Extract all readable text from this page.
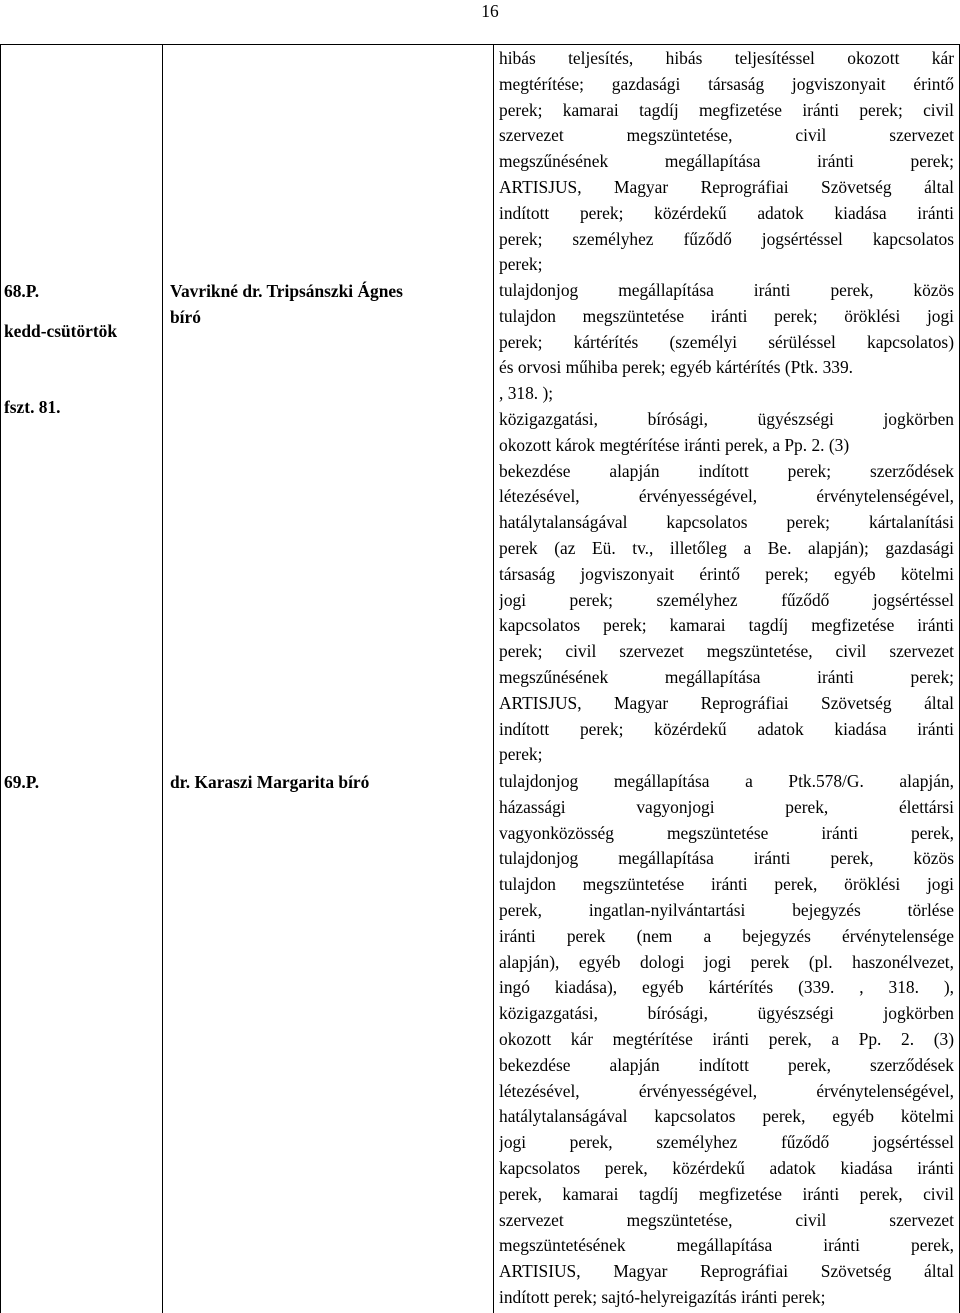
16
hibás teljesítés, hibás teljesítéssel okozott kár
megtérítése; gazdasági társaság jogviszonyait érintő
perek; kamarai tagdíj megfizetése iránti perek; civil
szervezet megszüntetése, civil szervezet
megszűnésének megállapítása iránti perek;
ARTISJUS, Magyar Reprográfiai Szövetség által
indított perek; közérdekű adatok kiadása iránti
perek; személyhez fűződő jogsértéssel kapcsolatos
perek;
68.P.
kedd-csütörtök
fszt. 81.
Vavrikné dr. Tripsánszki Ágnes
bíró
tulajdonjog megállapítása iránti perek, közös
tulajdon megszüntetése iránti perek; öröklési jogi
perek; kártérítés (személyi sérüléssel kapcsolatos)
és orvosi műhiba perek; egyéb kártérítés (Ptk. 339.
, 318. );
közigazgatási, bírósági, ügyészségi jogkörben
okozott károk megtérítése iránti perek, a Pp. 2. (3)
bekezdése alapján indított perek; szerződések
létezésével, érvényességével, érvénytelenségével,
hatálytalanságával kapcsolatos perek; kártalanítási
perek (az Eü. tv., illetőleg a Be. alapján); gazdasági
társaság jogviszonyait érintő perek; egyéb kötelmi
jogi perek; személyhez fűződő jogsértéssel
kapcsolatos perek; kamarai tagdíj megfizetése iránti
perek; civil szervezet megszüntetése, civil szervezet
megszűnésének megállapítása iránti perek;
ARTISJUS, Magyar Reprográfiai Szövetség által
indított perek; közérdekű adatok kiadása iránti
perek;
69.P.	dr. Karaszi Margarita bíró	tulajdonjog megállapítása a Ptk.578/G. alapján,
házassági vagyonjogi perek, élettársi
vagyonközösség megszüntetése iránti perek,
tulajdonjog megállapítása iránti perek, közös
tulajdon megszüntetése iránti perek, öröklési jogi
perek, ingatlan-nyilvántartási bejegyzés törlése
iránti perek (nem a bejegyzés érvénytelensége
alapján), egyéb dologi jogi perek (pl. haszonélvezet,
ingó kiadása), egyéb kártérítés (339. , 318. ),
közigazgatási, bírósági, ügyészségi jogkörben
okozott kár megtérítése iránti perek, a Pp. 2. (3)
bekezdése alapján indított perek, szerződések
létezésével, érvényességével, érvénytelenségével,
hatálytalanságával kapcsolatos perek, egyéb kötelmi
jogi perek, személyhez fűződő jogsértéssel
kapcsolatos perek, közérdekű adatok kiadása iránti
perek, kamarai tagdíj megfizetése iránti perek, civil
szervezet megszüntetése, civil szervezet
megszüntetésének megállapítása iránti perek,
ARTISIUS, Magyar Reprográfiai Szövetség által
indított perek; sajtó-helyreigazítás iránti perek;
